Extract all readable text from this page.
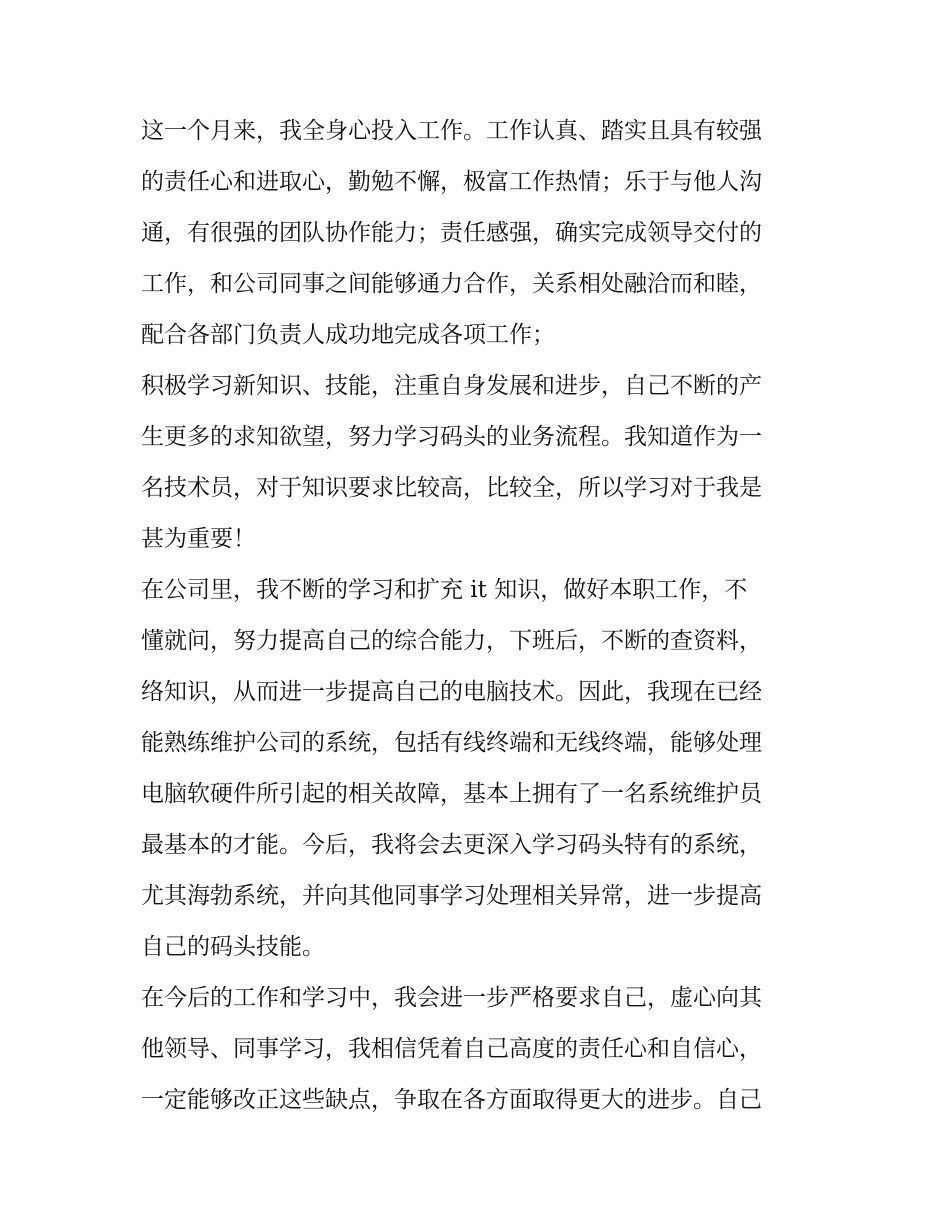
这一个月来，我全身心投入工作。工作认真、踏实且具有较强
的责任心和进取心，勤勉不懈，极富工作热情；乐于与他人沟
通，有很强的团队协作能力；责任感强，确实完成领导交付的
工作，和公司同事之间能够通力合作，关系相处融洽而和睦，
配合各部门负责人成功地完成各项工作；
积极学习新知识、技能，注重自身发展和进步，自己不断的产
生更多的求知欲望，努力学习码头的业务流程。我知道作为一
名技术员，对于知识要求比较高，比较全，所以学习对于我是
甚为重要！
在公司里，我不断的学习和扩充 it 知识，做好本职工作，不
懂就问，努力提高自己的综合能力，下班后，不断的查资料，
络知识，从而进一步提高自己的电脑技术。因此，我现在已经
能熟练维护公司的系统，包括有线终端和无线终端，能够处理
电脑软硬件所引起的相关故障，基本上拥有了一名系统维护员
最基本的才能。今后，我将会去更深入学习码头特有的系统，
尤其海勃系统，并向其他同事学习处理相关异常，进一步提高
自己的码头技能。
在今后的工作和学习中，我会进一步严格要求自己，虚心向其
他领导、同事学习，我相信凭着自己高度的责任心和自信心，
一定能够改正这些缺点，争取在各方面取得更大的进步。自己
